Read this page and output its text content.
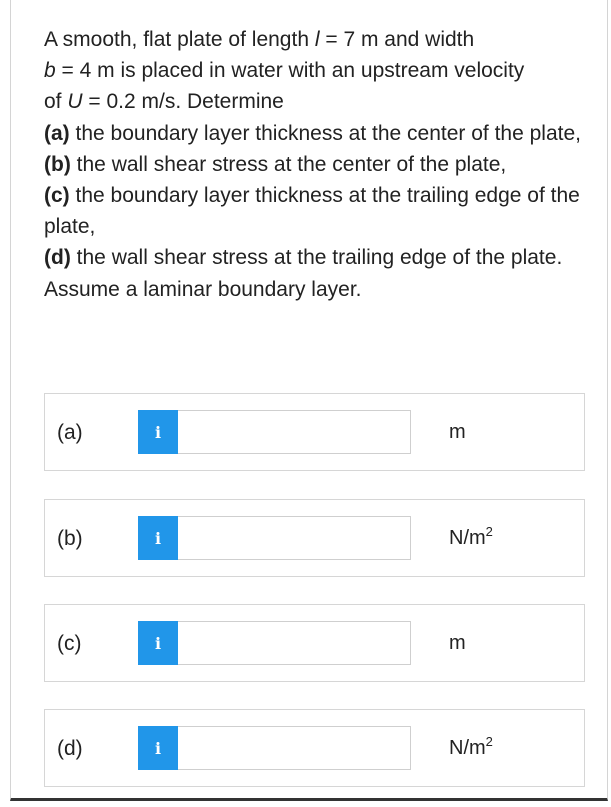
A smooth, flat plate of length l = 7 m and width
b = 4 m is placed in water with an upstream velocity
of U = 0.2 m/s. Determine

(a) the boundary layer thickness at the center of the plate,

(b) the wall shear stress at the center of the plate,

(c) the boundary layer thickness at the trailing edge of the plate,

(d) the wall shear stress at the trailing edge of the plate.

Assume a laminar boundary layer.

(a)	i	m
(b)	i	$N/m^2$
(c)	i	m
(d)	i	$N/m^2$
